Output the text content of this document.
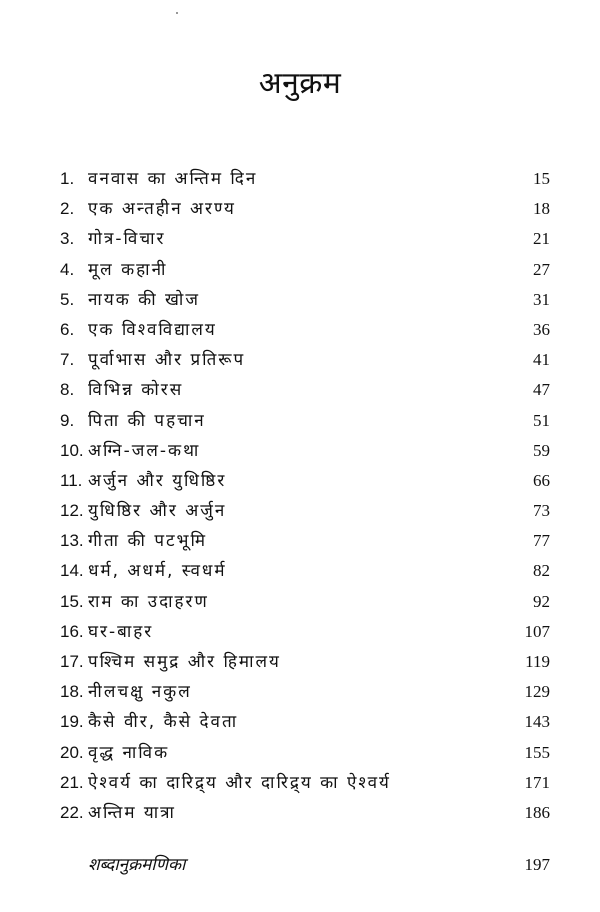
अनुक्रम
1. वनवास का अन्तिम दिन	15
2. एक अन्तहीन अरण्य	18
3. गोत्र-विचार	21
4. मूल कहानी	27
5. नायक की खोज	31
6. एक विश्वविद्यालय	36
7. पूर्वाभास और प्रतिरूप	41
8. विभिन्न कोरस	47
9. पिता की पहचान	51
10. अग्नि-जल-कथा	59
11. अर्जुन और युधिष्ठिर	66
12. युधिष्ठिर और अर्जुन	73
13. गीता की पटभूमि	77
14. धर्म, अधर्म, स्वधर्म	82
15. राम का उदाहरण	92
16. घर-बाहर	107
17. पश्चिम समुद्र और हिमालय	119
18. नीलचक्षु नकुल	129
19. कैसे वीर, कैसे देवता	143
20. वृद्ध नाविक	155
21. ऐश्वर्य का दारिद्र्य और दारिद्र्य का ऐश्वर्य	171
22. अन्तिम यात्रा	186
शब्दानुक्रमणिका	197
